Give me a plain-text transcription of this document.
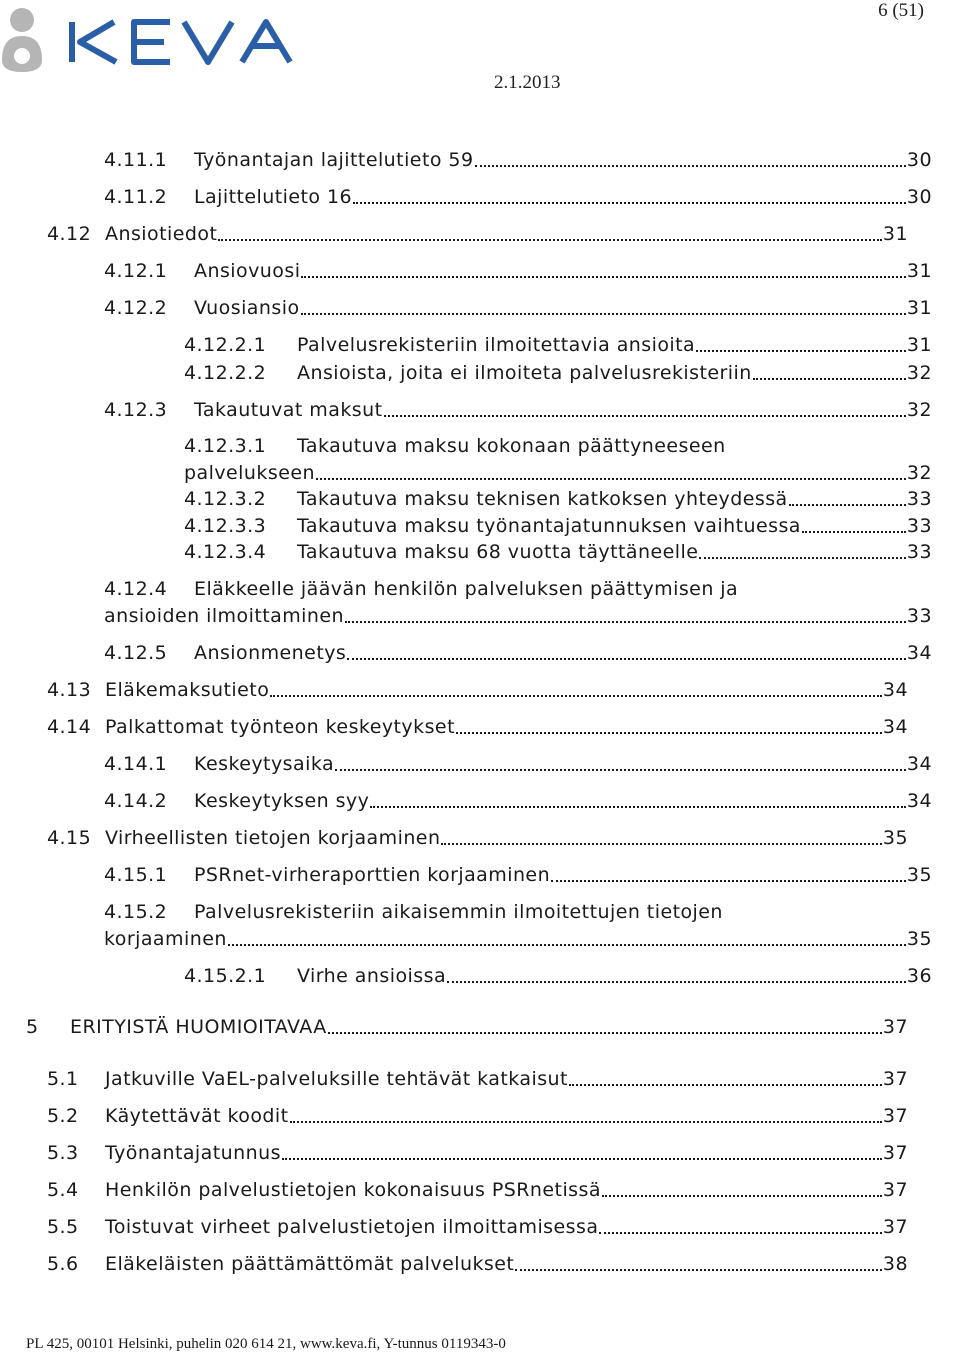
6 (51)
2.1.2013
4.11.1	Työnantajan lajittelutieto 59	30
4.11.2	Lajittelutieto 16	30
4.12 Ansiotiedot	31
4.12.1	Ansiovuosi	31
4.12.2	Vuosiansio	31
4.12.2.1	Palvelusrekisteriin ilmoitettavia ansioita	31
4.12.2.2	Ansioista, joita ei ilmoiteta palvelusrekisteriin	32
4.12.3	Takautuvat maksut	32
4.12.3.1 Takautuva maksu kokonaan päättyneeseen
palvelukseen	32
4.12.3.2	Takautuva maksu teknisen katkoksen yhteydessä	33
4.12.3.3	Takautuva maksu työnantajatunnuksen vaihtuessa	33
4.12.3.4	Takautuva maksu 68 vuotta täyttäneelle	33
4.12.4 Eläkkeelle jäävän henkilön palveluksen päättymisen ja
ansioiden ilmoittaminen	33
4.12.5	Ansionmenetys	34
4.13 Eläkemaksutieto	34
4.14 Palkattomat työnteon keskeytykset	34
4.14.1	Keskeytysaika	34
4.14.2	Keskeytyksen syy	34
4.15 Virheellisten tietojen korjaaminen	35
4.15.1	PSRnet-virheraporttien korjaaminen	35
4.15.2 Palvelusrekisteriin aikaisemmin ilmoitettujen tietojen
korjaaminen	35
4.15.2.1	Virhe ansioissa	36
5	ERITYISTÄ HUOMIOITAVAA	37
5.1	Jatkuville VaEL-palveluksille tehtävät katkaisut	37
5.2	Käytettävät koodit	37
5.3	Työnantajatunnus	37
5.4	Henkilön palvelustietojen kokonaisuus PSRnetissä	37
5.5	Toistuvat virheet palvelustietojen ilmoittamisessa	37
5.6	Eläkeläisten päättämättömät palvelukset	38
PL 425, 00101 Helsinki, puhelin 020 614 21, www.keva.fi, Y-tunnus 0119343-0
